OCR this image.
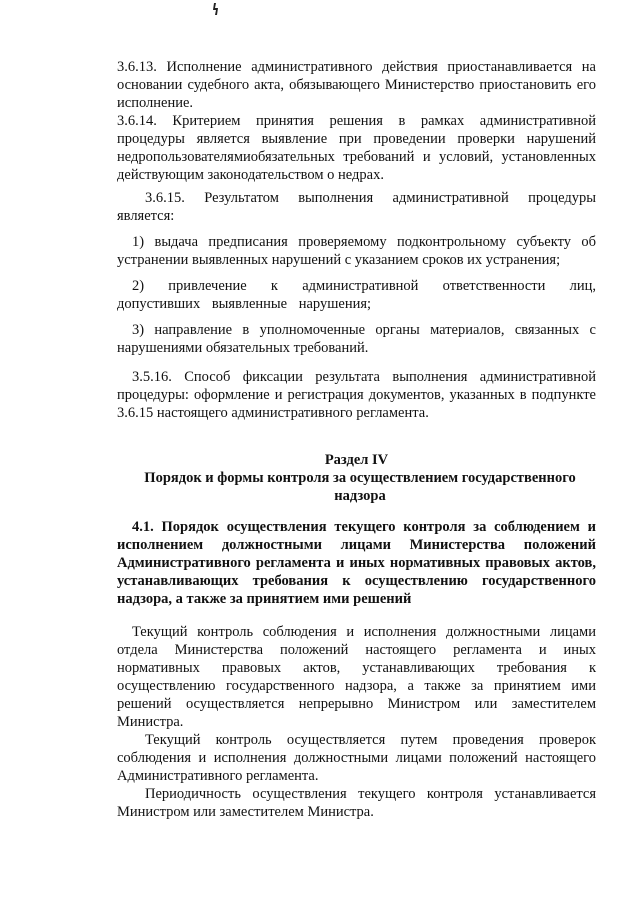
3.6.13. Исполнение административного действия приостанавливается на основании судебного акта, обязывающего Министерство приостановить его исполнение.

3.6.14. Критерием принятия решения в рамках административной процедуры является выявление при проведении проверки нарушений недропользователямиобязательных требований и условий, установленных действующим законодательством о недрах.

3.6.15. Результатом выполнения административной процедуры является:

1) выдача предписания проверяемому подконтрольному субъекту об устранении выявленных нарушений с указанием сроков их устранения;

2) привлечение к административной ответственности лиц, допустивших выявленные нарушения;

3) направление в уполномоченные органы материалов, связанных с нарушениями обязательных требований.

3.5.16. Способ фиксации результата выполнения административной процедуры: оформление и регистрация документов, указанных в подпункте 3.6.15 настоящего административного регламента.

Раздел IV

Порядок и формы контроля за осуществлением государственного надзора

4.1. Порядок осуществления текущего контроля за соблюдением и исполнением должностными лицами Министерства положений Административного регламента и иных нормативных правовых актов, устанавливающих требования к осуществлению государственного надзора, а также за принятием ими решений

Текущий контроль соблюдения и исполнения должностными лицами отдела Министерства положений настоящего регламента и иных нормативных правовых актов, устанавливающих требования к осуществлению государственного надзора, а также за принятием ими решений осуществляется непрерывно Министром или заместителем Министра.

Текущий контроль осуществляется путем проведения проверок соблюдения и исполнения должностными лицами положений настоящего Административного регламента.

Периодичность осуществления текущего контроля устанавливается Министром или заместителем Министра.
